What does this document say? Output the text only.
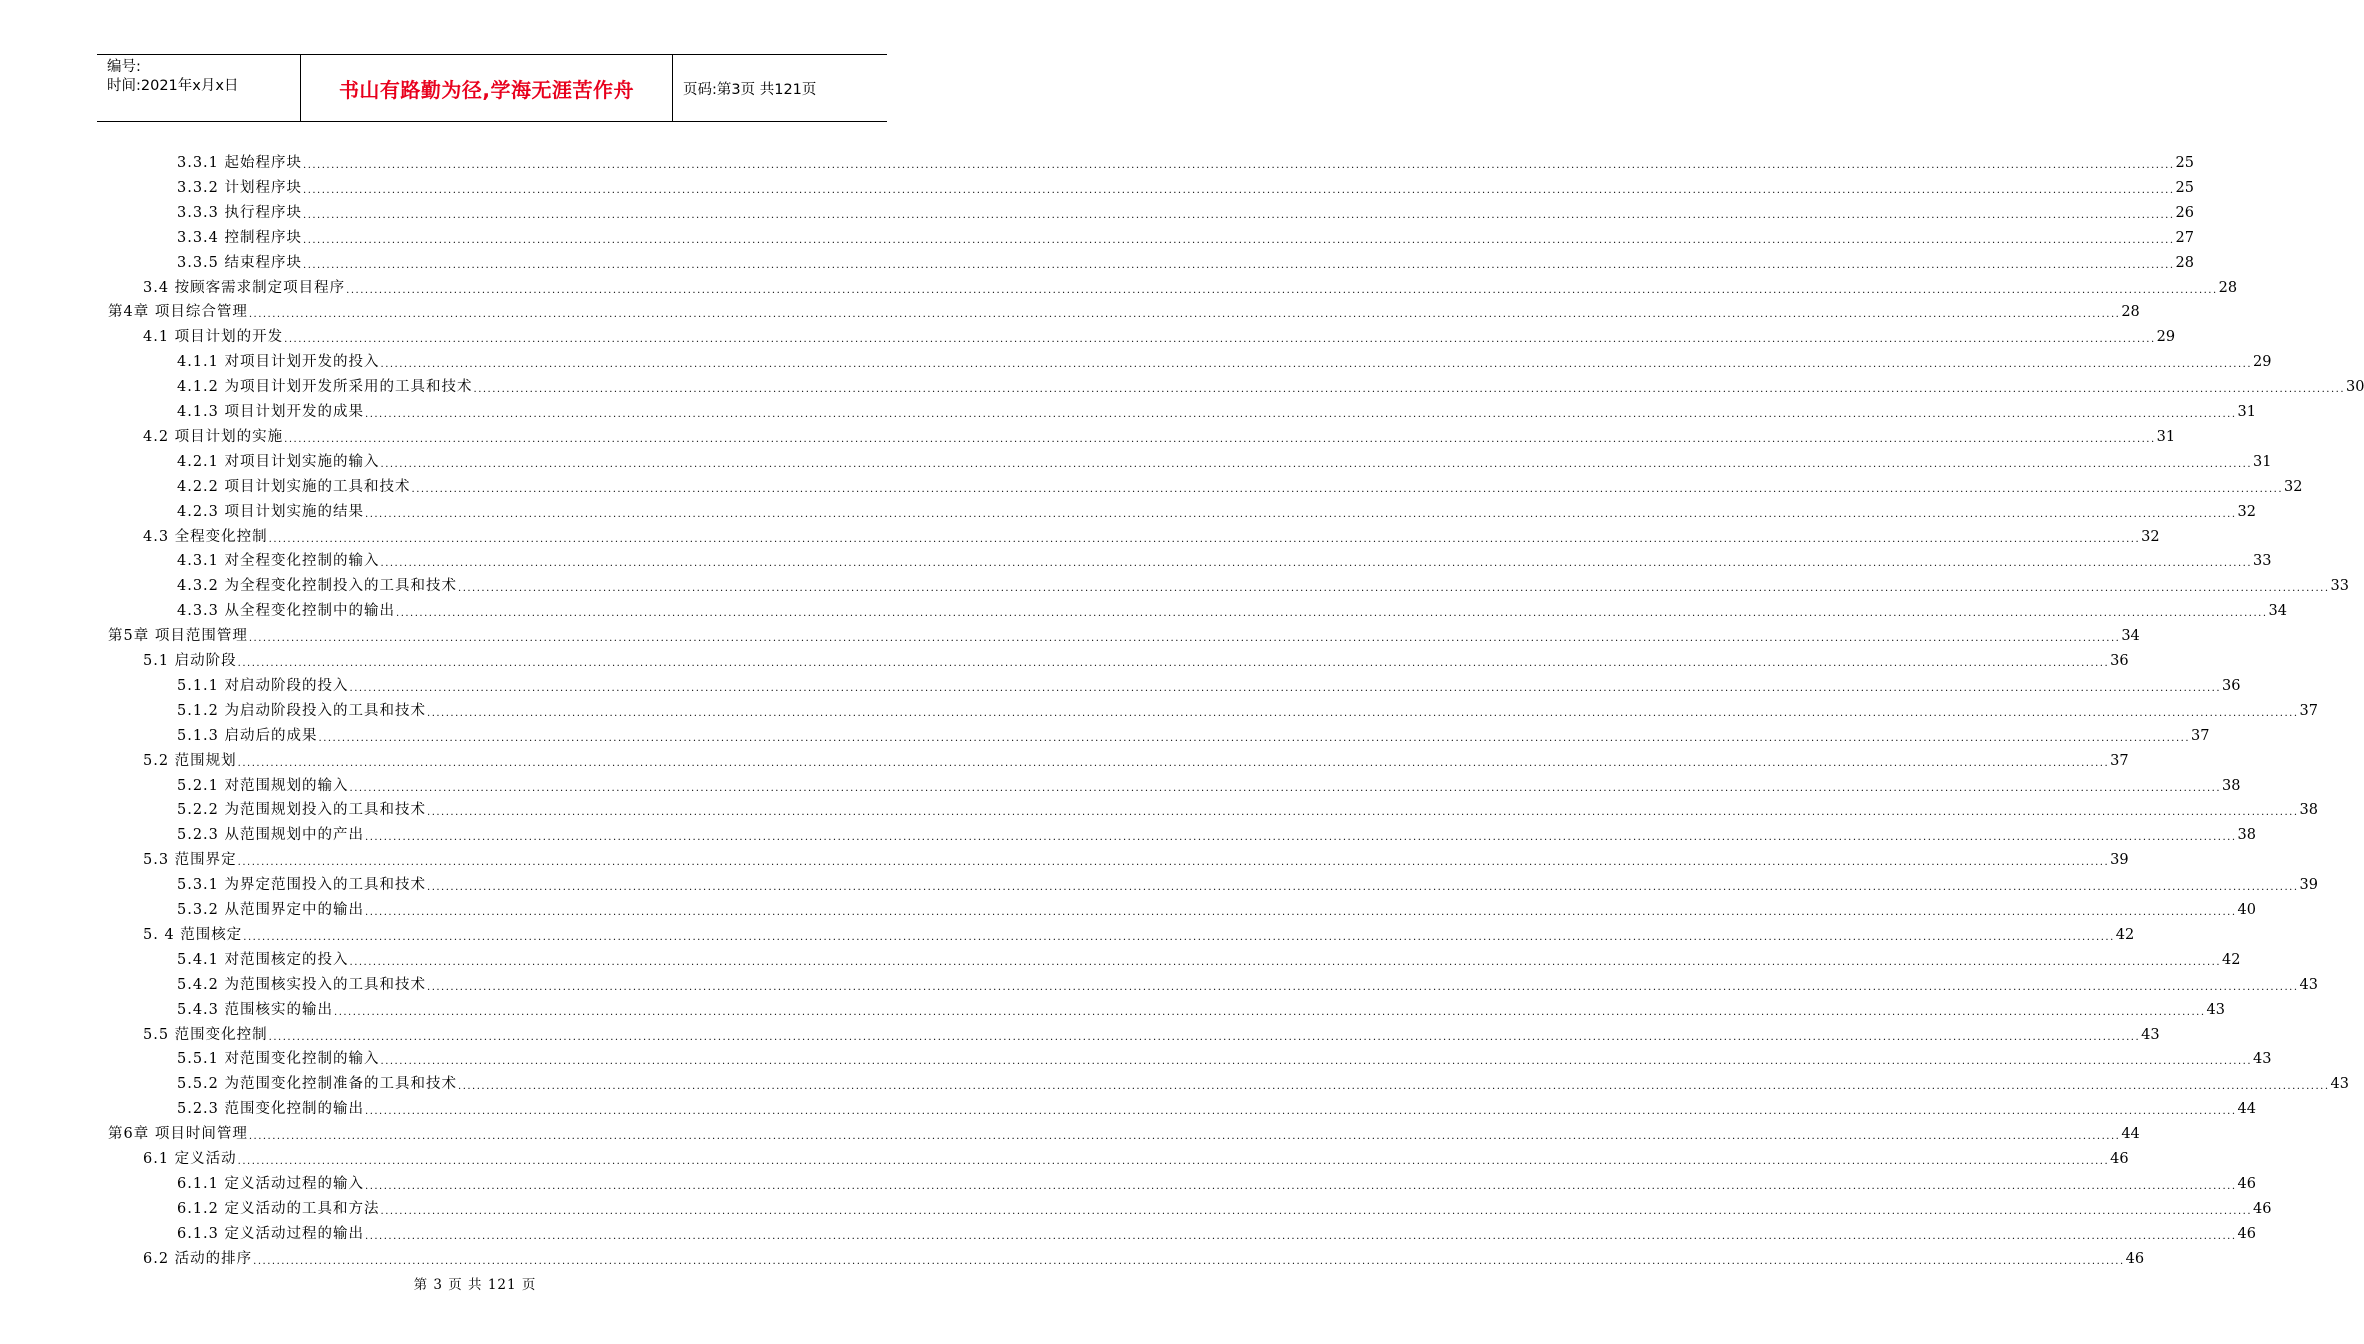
编号:
时间:2021年x月x日	书山有路勤为径,学海无涯苦作舟	页码:第3页 共121页
3.3.1 起始程序块 ................................................................................................................................................................................................................................................................................................................................................................................................................ 25
3.3.2 计划程序块 ................................................................................................................................................................................................................................................................................................................................................................................................................ 25
3.3.3 执行程序块 ................................................................................................................................................................................................................................................................................................................................................................................................................ 26
3.3.4 控制程序块 ................................................................................................................................................................................................................................................................................................................................................................................................................ 27
3.3.5 结束程序块 ................................................................................................................................................................................................................................................................................................................................................................................................................ 28
3.4 按顾客需求制定项目程序 ................................................................................................................................................................................................................................................................................................................................................................................................................ 28
第4章 项目综合管理 ................................................................................................................................................................................................................................................................................................................................................................................................................ 28
4.1 项目计划的开发 ................................................................................................................................................................................................................................................................................................................................................................................................................ 29
4.1.1 对项目计划开发的投入 ................................................................................................................................................................................................................................................................................................................................................................................................................ 29
4.1.2 为项目计划开发所采用的工具和技术 ................................................................................................................................................................................................................................................................................................................................................................................................................ 30
4.1.3 项目计划开发的成果 ................................................................................................................................................................................................................................................................................................................................................................................................................ 31
4.2 项目计划的实施 ................................................................................................................................................................................................................................................................................................................................................................................................................ 31
4.2.1 对项目计划实施的输入 ................................................................................................................................................................................................................................................................................................................................................................................................................ 31
4.2.2 项目计划实施的工具和技术 ................................................................................................................................................................................................................................................................................................................................................................................................................ 32
4.2.3 项目计划实施的结果 ................................................................................................................................................................................................................................................................................................................................................................................................................ 32
4.3 全程变化控制 ................................................................................................................................................................................................................................................................................................................................................................................................................ 32
4.3.1 对全程变化控制的输入 ................................................................................................................................................................................................................................................................................................................................................................................................................ 33
4.3.2 为全程变化控制投入的工具和技术 ................................................................................................................................................................................................................................................................................................................................................................................................................ 33
4.3.3 从全程变化控制中的输出 ................................................................................................................................................................................................................................................................................................................................................................................................................ 34
第5章 项目范围管理 ................................................................................................................................................................................................................................................................................................................................................................................................................ 34
5.1 启动阶段 ................................................................................................................................................................................................................................................................................................................................................................................................................ 36
5.1.1 对启动阶段的投入 ................................................................................................................................................................................................................................................................................................................................................................................................................ 36
5.1.2 为启动阶段投入的工具和技术 ................................................................................................................................................................................................................................................................................................................................................................................................................ 37
5.1.3 启动后的成果 ................................................................................................................................................................................................................................................................................................................................................................................................................ 37
5.2 范围规划 ................................................................................................................................................................................................................................................................................................................................................................................................................ 37
5.2.1 对范围规划的输入 ................................................................................................................................................................................................................................................................................................................................................................................................................ 38
5.2.2 为范围规划投入的工具和技术 ................................................................................................................................................................................................................................................................................................................................................................................................................ 38
5.2.3 从范围规划中的产出 ................................................................................................................................................................................................................................................................................................................................................................................................................ 38
5.3 范围界定 ................................................................................................................................................................................................................................................................................................................................................................................................................ 39
5.3.1 为界定范围投入的工具和技术 ................................................................................................................................................................................................................................................................................................................................................................................................................ 39
5.3.2 从范围界定中的输出 ................................................................................................................................................................................................................................................................................................................................................................................................................ 40
5. 4 范围核定 ................................................................................................................................................................................................................................................................................................................................................................................................................ 42
5.4.1 对范围核定的投入 ................................................................................................................................................................................................................................................................................................................................................................................................................ 42
5.4.2 为范围核实投入的工具和技术 ................................................................................................................................................................................................................................................................................................................................................................................................................ 43
5.4.3 范围核实的输出 ................................................................................................................................................................................................................................................................................................................................................................................................................ 43
5.5 范围变化控制 ................................................................................................................................................................................................................................................................................................................................................................................................................ 43
5.5.1 对范围变化控制的输入 ................................................................................................................................................................................................................................................................................................................................................................................................................ 43
5.5.2 为范围变化控制准备的工具和技术 ................................................................................................................................................................................................................................................................................................................................................................................................................ 43
5.2.3 范围变化控制的输出 ................................................................................................................................................................................................................................................................................................................................................................................................................ 44
第6章 项目时间管理 ................................................................................................................................................................................................................................................................................................................................................................................................................ 44
6.1 定义活动 ................................................................................................................................................................................................................................................................................................................................................................................................................ 46
6.1.1 定义活动过程的输入 ................................................................................................................................................................................................................................................................................................................................................................................................................ 46
6.1.2 定义活动的工具和方法 ................................................................................................................................................................................................................................................................................................................................................................................................................ 46
6.1.3 定义活动过程的输出 ................................................................................................................................................................................................................................................................................................................................................................................................................ 46
6.2 活动的排序 ................................................................................................................................................................................................................................................................................................................................................................................................................ 46
第 3 页 共 121 页
